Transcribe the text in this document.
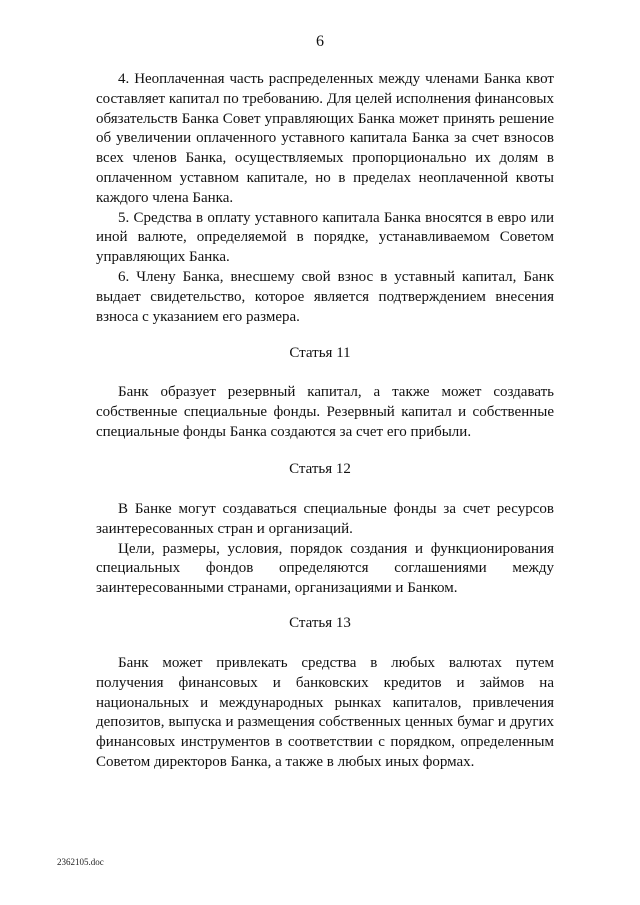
6

4. Неоплаченная часть распределенных между членами Банка квот составляет капитал по требованию. Для целей исполнения финансовых обязательств Банка Совет управляющих Банка может принять решение об увеличении оплаченного уставного капитала Банка за счет взносов всех членов Банка, осуществляемых пропорционально их долям в оплаченном уставном капитале, но в пределах неоплаченной квоты каждого члена Банка.

5. Средства в оплату уставного капитала Банка вносятся в евро или иной валюте, определяемой в порядке, устанавливаемом Советом управляющих Банка.

6. Члену Банка, внесшему свой взнос в уставный капитал, Банк выдает свидетельство, которое является подтверждением внесения взноса с указанием его размера.

Статья 11

Банк образует резервный капитал, а также может создавать собственные специальные фонды. Резервный капитал и собственные специальные фонды Банка создаются за счет его прибыли.

Статья 12

В Банке могут создаваться специальные фонды за счет ресурсов заинтересованных стран и организаций.

Цели, размеры, условия, порядок создания и функционирования специальных фондов определяются соглашениями между заинтересованными странами, организациями и Банком.

Статья 13

Банк может привлекать средства в любых валютах путем получения финансовых и банковских кредитов и займов на национальных и международных рынках капиталов, привлечения депозитов, выпуска и размещения собственных ценных бумаг и других финансовых инструментов в соответствии с порядком, определенным Советом директоров Банка, а также в любых иных формах.

2362105.doc
